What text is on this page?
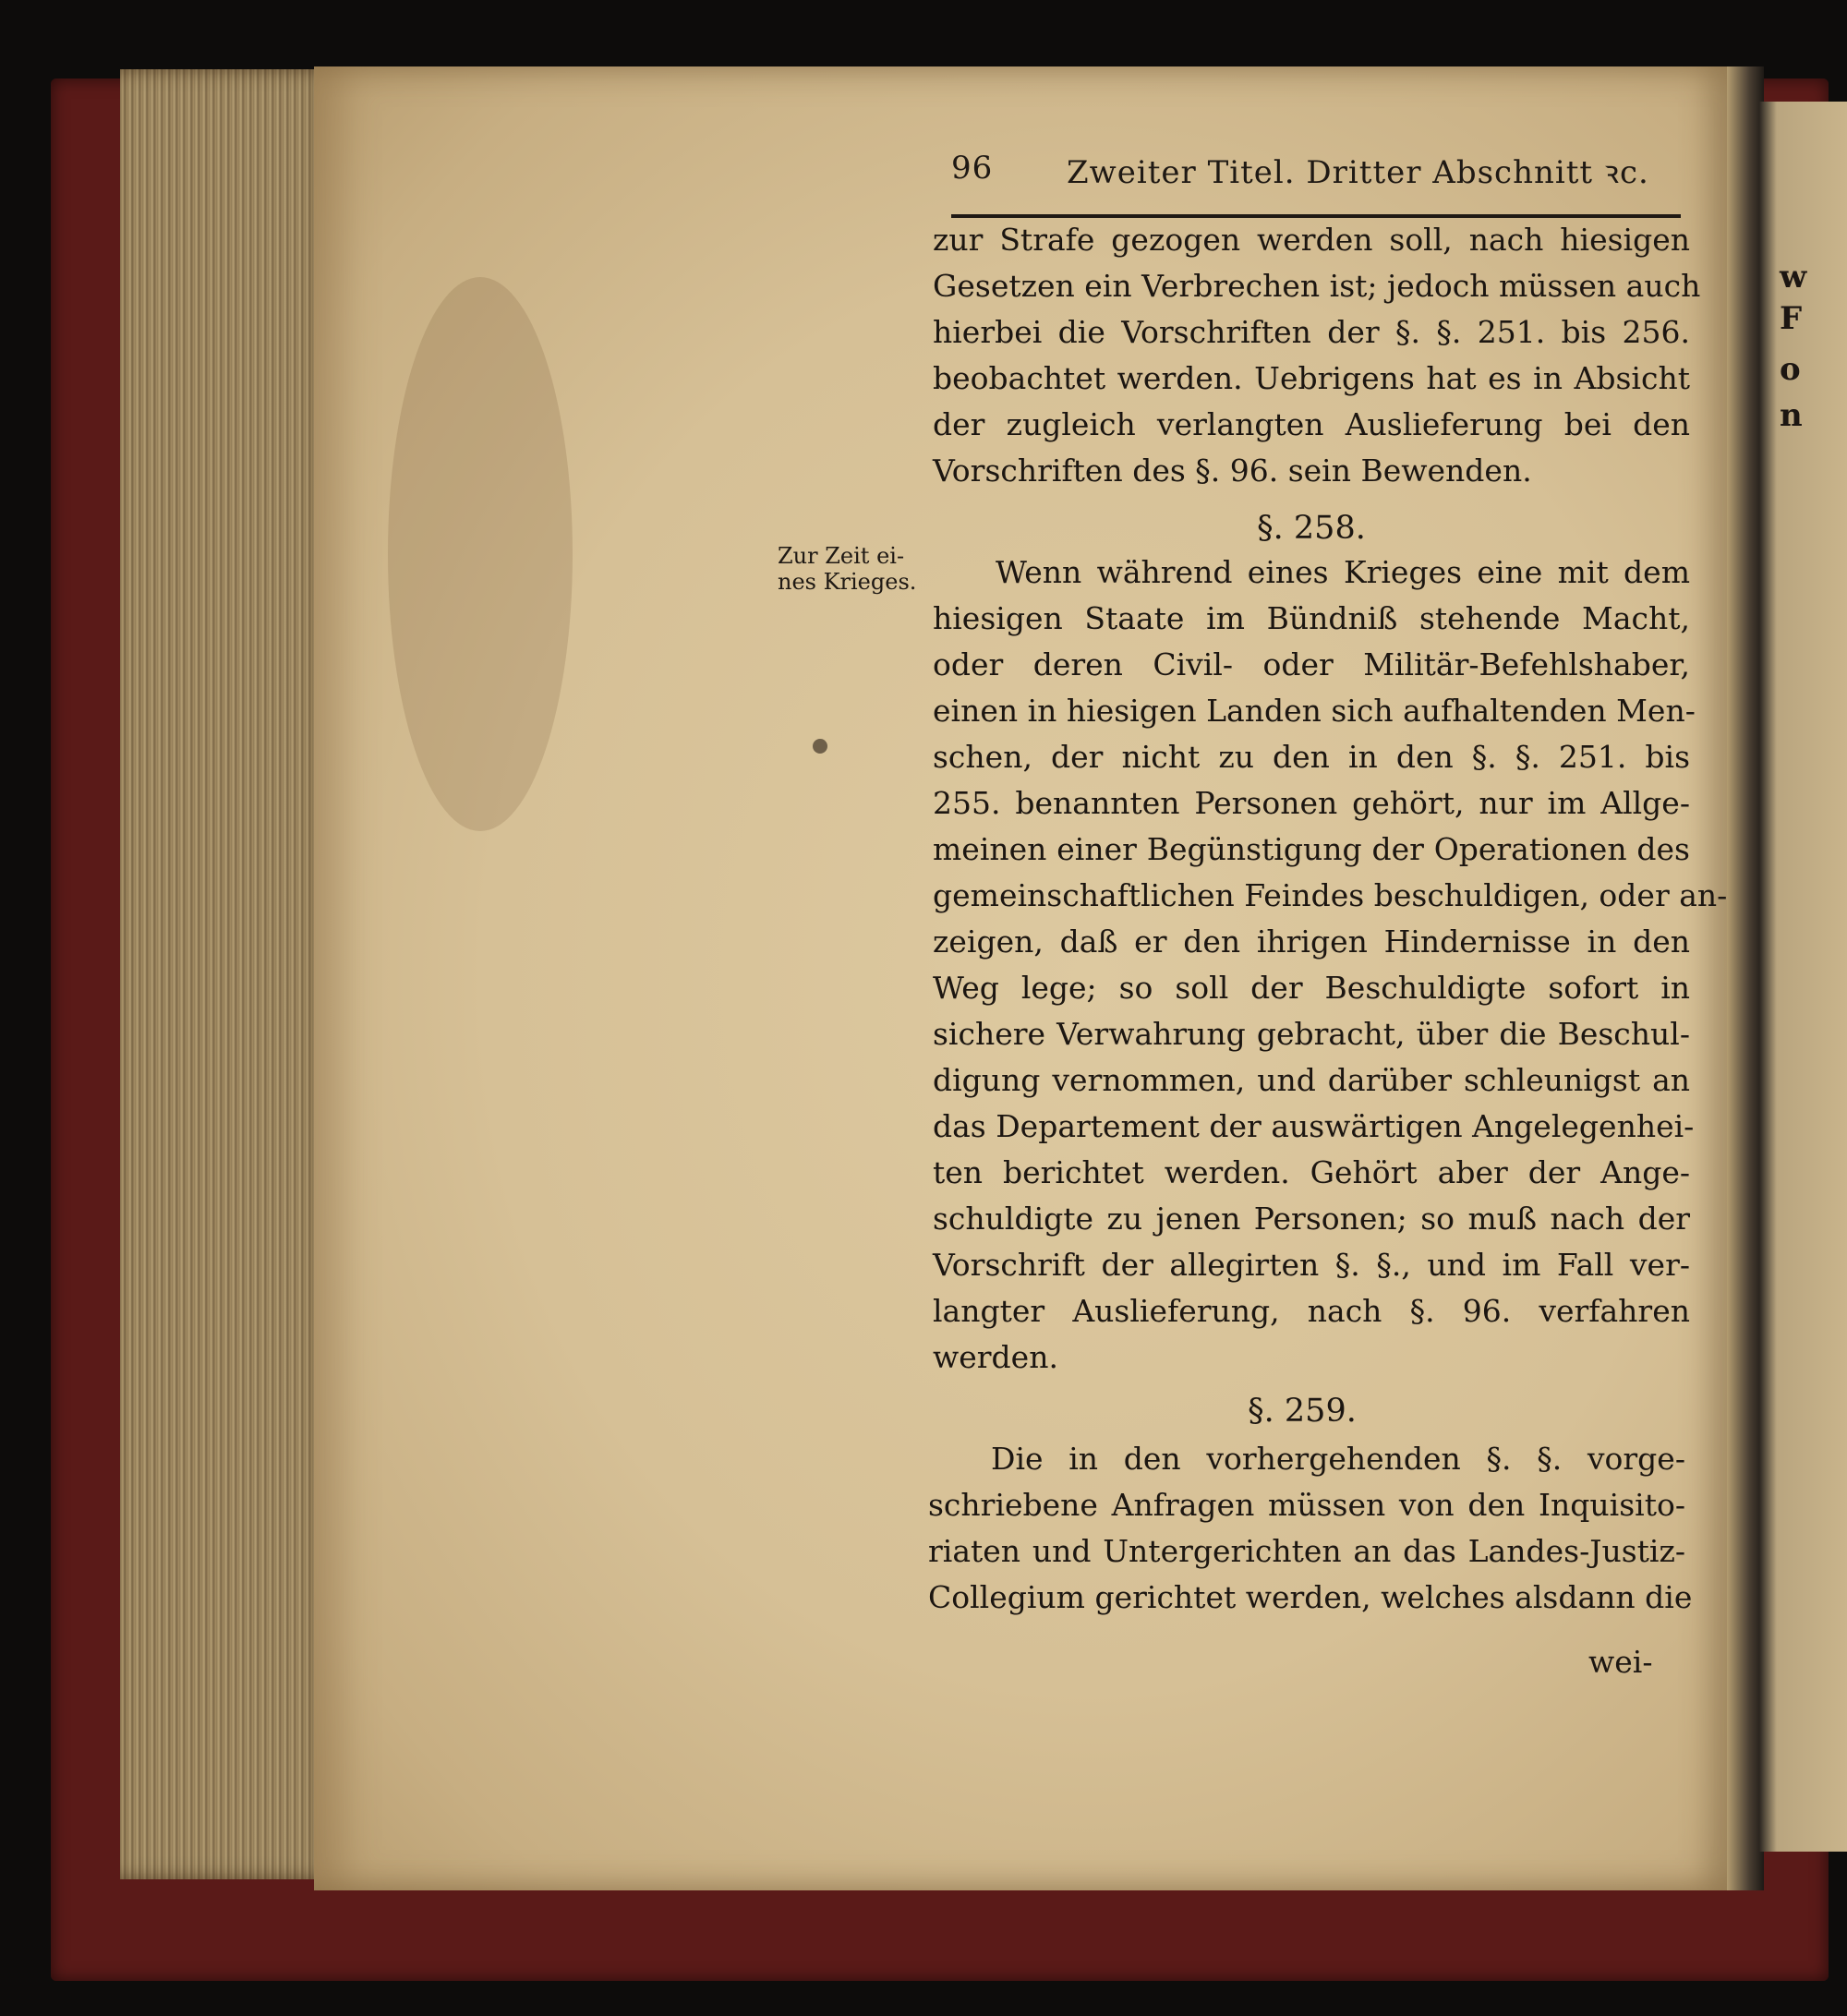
w
F
o
n
96 Zweiter Titel. Dritter Abschnitt ꝛc.
Zur Zeit ei-
nes Krieges.
zur Strafe gezogen werden soll, nach hiesigen
Gesetzen ein Verbrechen ist; jedoch müssen auch
hierbei die Vorschriften der §. §. 251. bis 256.
beobachtet werden. Uebrigens hat es in Absicht
der zugleich verlangten Auslieferung bei den
Vorschriften des §. 96. sein Bewenden.
§. 258.
Wenn während eines Krieges eine mit dem
hiesigen Staate im Bündniß stehende Macht,
oder deren Civil- oder Militär-Befehlshaber,
einen in hiesigen Landen sich aufhaltenden Men-
schen, der nicht zu den in den §. §. 251. bis
255. benannten Personen gehört, nur im Allge-
meinen einer Begünstigung der Operationen des
gemeinschaftlichen Feindes beschuldigen, oder an-
zeigen, daß er den ihrigen Hindernisse in den
Weg lege; so soll der Beschuldigte sofort in
sichere Verwahrung gebracht, über die Beschul-
digung vernommen, und darüber schleunigst an
das Departement der auswärtigen Angelegenhei-
ten berichtet werden. Gehört aber der Ange-
schuldigte zu jenen Personen; so muß nach der
Vorschrift der allegirten §. §., und im Fall ver-
langter Auslieferung, nach §. 96. verfahren
werden.
§. 259.
Die in den vorhergehenden §. §. vorge-
schriebene Anfragen müssen von den Inquisito-
riaten und Untergerichten an das Landes-Justiz-
Collegium gerichtet werden, welches alsdann die
wei-
